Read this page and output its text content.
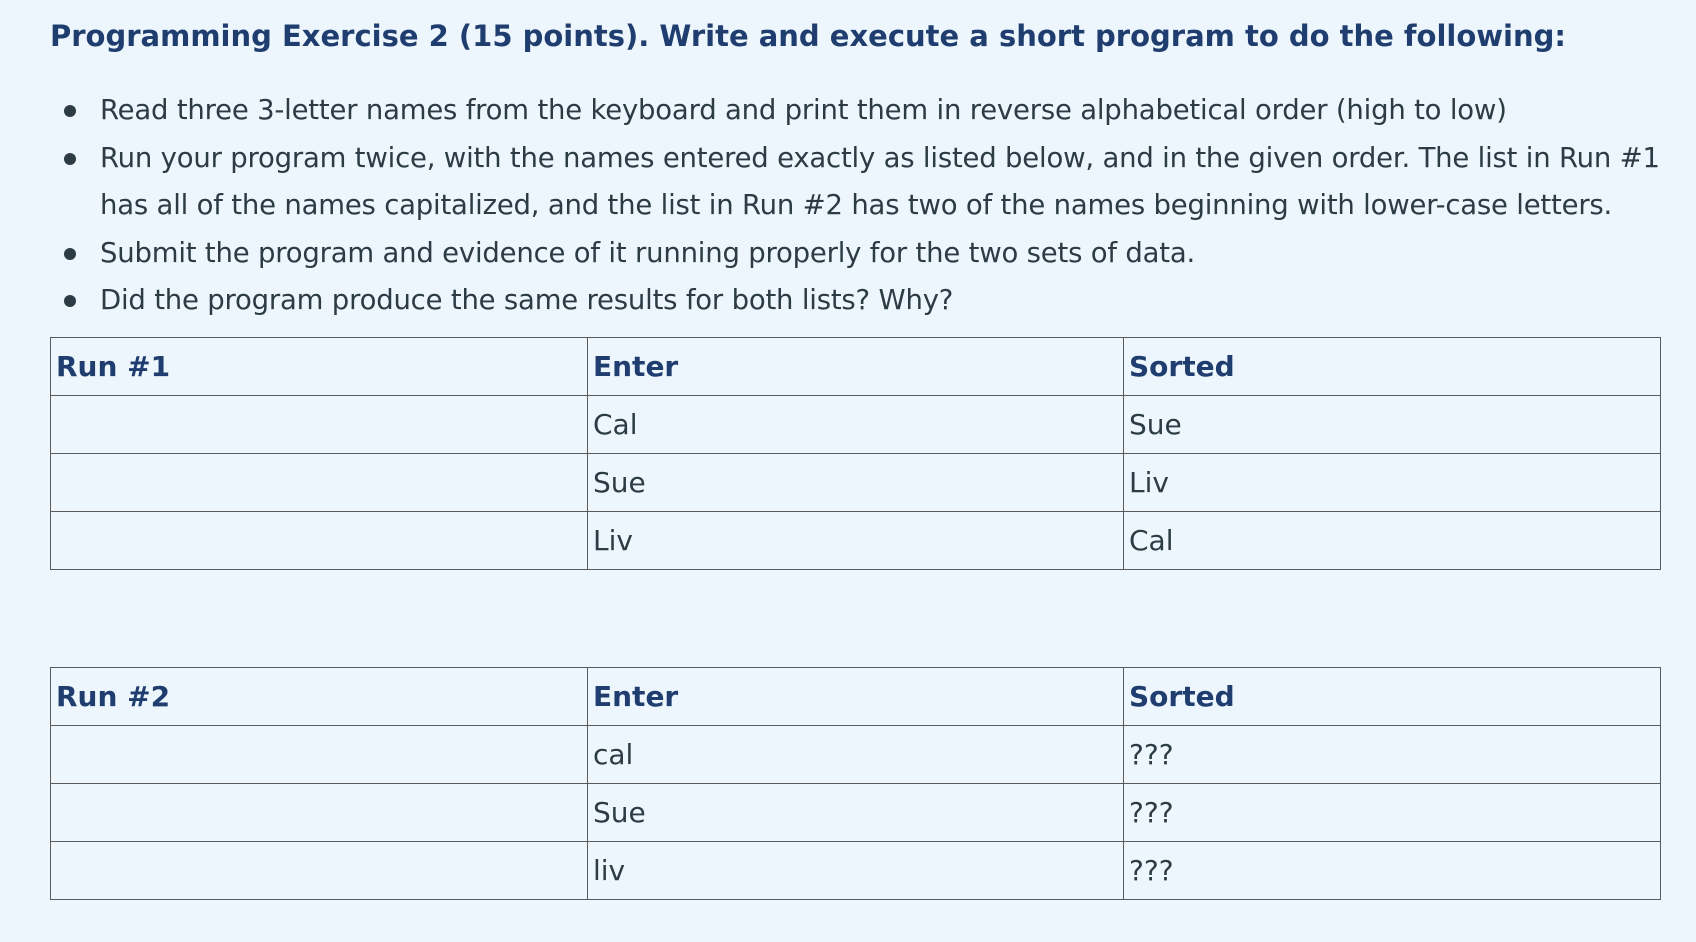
Programming Exercise 2 (15 points). Write and execute a short program to do the following:
Read three 3-letter names from the keyboard and print them in reverse alphabetical order (high to low)
Run your program twice, with the names entered exactly as listed below, and in the given order. The list in Run #1 has all of the names capitalized, and the list in Run #2 has two of the names beginning with lower-case letters.
Submit the program and evidence of it running properly for the two sets of data.
Did the program produce the same results for both lists? Why?
Run #1	Enter	Sorted
	Cal	Sue
	Sue	Liv
	Liv	Cal
Run #2	Enter	Sorted
	cal	???
	Sue	???
	liv	???
